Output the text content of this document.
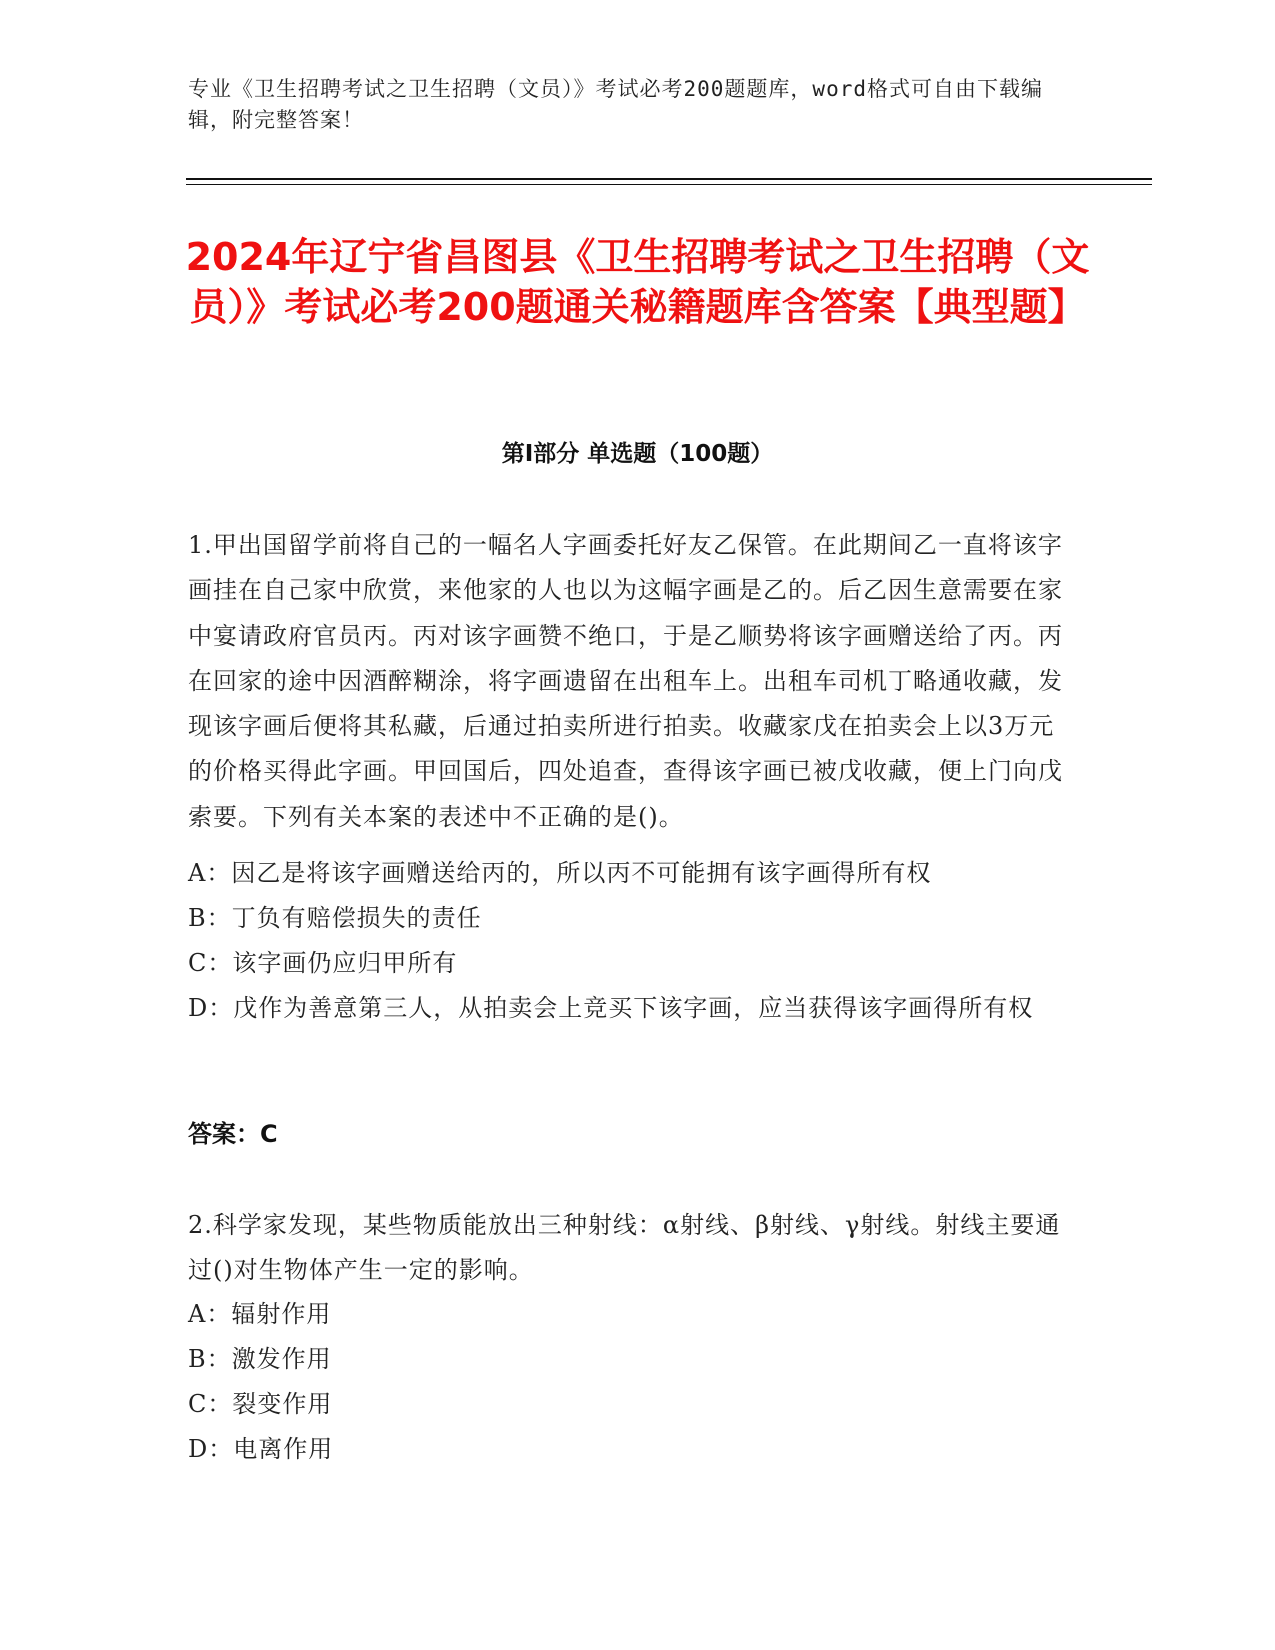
专业《卫生招聘考试之卫生招聘（文员）》考试必考200题题库，word格式可自由下载编辑，附完整答案！
2024年辽宁省昌图县《卫生招聘考试之卫生招聘（文员）》考试必考200题通关秘籍题库含答案【典型题】
第Ⅰ部分 单选题（100题）
1.甲出国留学前将自己的一幅名人字画委托好友乙保管。在此期间乙一直将该字画挂在自己家中欣赏，来他家的人也以为这幅字画是乙的。后乙因生意需要在家中宴请政府官员丙。丙对该字画赞不绝口，于是乙顺势将该字画赠送给了丙。丙在回家的途中因酒醉糊涂，将字画遗留在出租车上。出租车司机丁略通收藏，发现该字画后便将其私藏，后通过拍卖所进行拍卖。收藏家戊在拍卖会上以3万元的价格买得此字画。甲回国后，四处追查，查得该字画已被戊收藏，便上门向戊索要。下列有关本案的表述中不正确的是()。
A：因乙是将该字画赠送给丙的，所以丙不可能拥有该字画得所有权
B：丁负有赔偿损失的责任
C：该字画仍应归甲所有
D：戊作为善意第三人，从拍卖会上竞买下该字画，应当获得该字画得所有权
答案：C
2.科学家发现，某些物质能放出三种射线：α射线、β射线、γ射线。射线主要通过()对生物体产生一定的影响。
A：辐射作用
B：激发作用
C：裂变作用
D：电离作用
